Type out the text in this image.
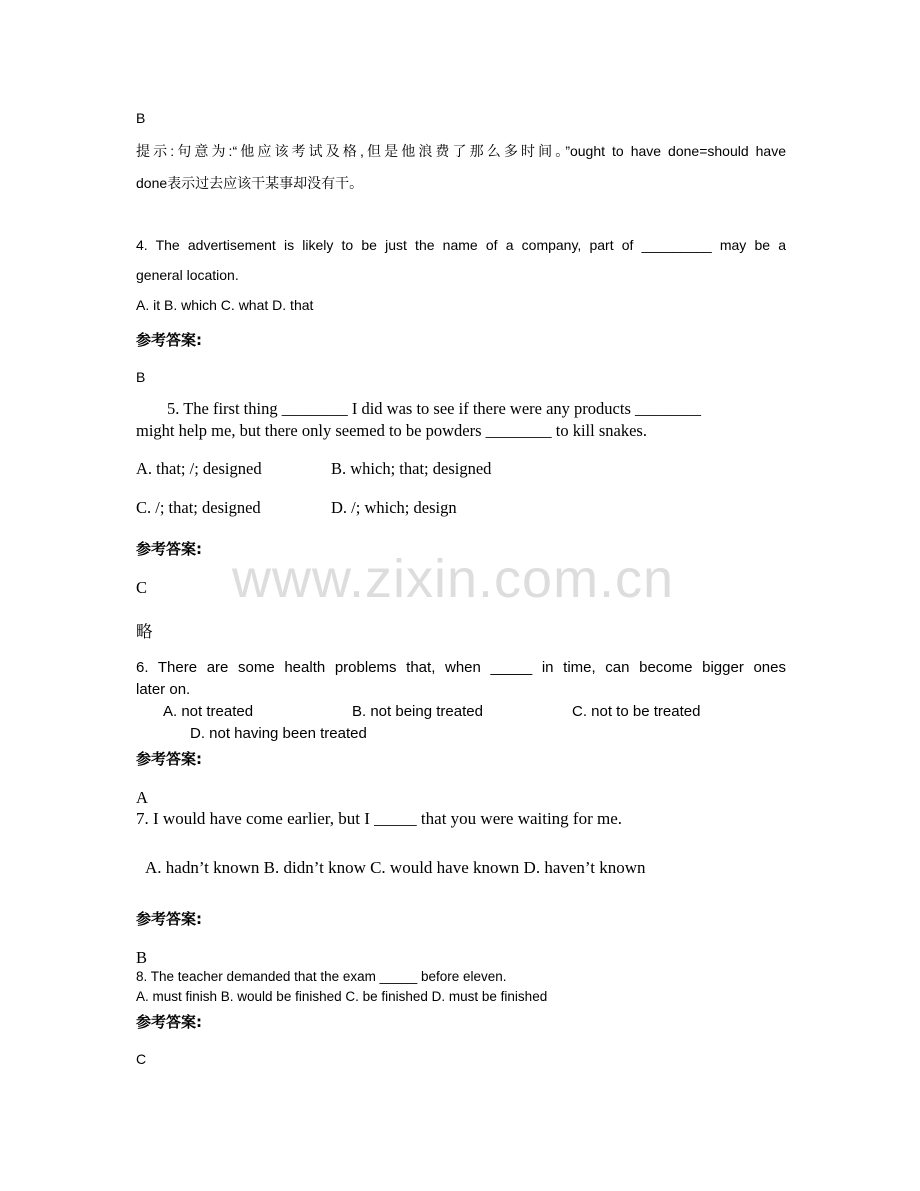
B
提示:句意为:“他应该考试及格,但是他浪费了那么多时间。”ought to have done=should have
done表示过去应该干某事却没有干。
4. The advertisement is likely to be just the name of a company, part of _________ may be a
general location.
A. it B. which C. what D. that
参考答案:
B
5. The first thing ________ I did was to see if there were any products ________
might help me, but there only seemed to be powders ________ to kill snakes.
A. that; /; designed	B. which; that; designed
C. /; that; designed	D. /; which; design
参考答案:
C
略
6. There are some health problems that, when _____ in time, can become bigger ones
later on.
A. not treated	B. not being treated	C. not to be treated
D. not having been treated
参考答案:
A
7. I would have come earlier, but I _____ that you were waiting for me.
A. hadn’t known B. didn’t know C. would have known D. haven’t known
参考答案:
B
8. The teacher demanded that the exam _____ before eleven.
A. must finish B. would be finished C. be finished D. must be finished
参考答案:
C
www.zixin.com.cn
